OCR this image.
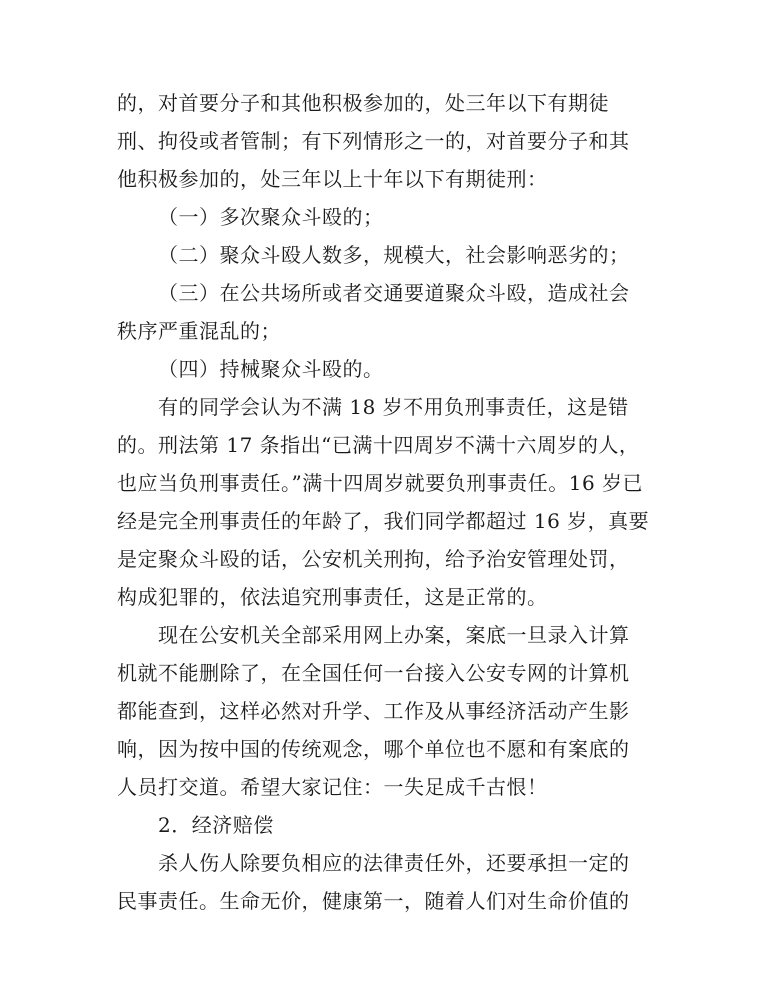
的，对首要分子和其他积极参加的，处三年以下有期徒
刑、拘役或者管制；有下列情形之一的，对首要分子和其
他积极参加的，处三年以上十年以下有期徒刑：
（一）多次聚众斗殴的；
（二）聚众斗殴人数多，规模大，社会影响恶劣的；
（三）在公共场所或者交通要道聚众斗殴，造成社会
秩序严重混乱的；
（四）持械聚众斗殴的。
有的同学会认为不满 18 岁不用负刑事责任，这是错
的。刑法第 17 条指出“已满十四周岁不满十六周岁的人，
也应当负刑事责任。”满十四周岁就要负刑事责任。16 岁已
经是完全刑事责任的年龄了，我们同学都超过 16 岁，真要
是定聚众斗殴的话，公安机关刑拘，给予治安管理处罚，
构成犯罪的，依法追究刑事责任，这是正常的。
现在公安机关全部采用网上办案，案底一旦录入计算
机就不能删除了，在全国任何一台接入公安专网的计算机
都能查到，这样必然对升学、工作及从事经济活动产生影
响，因为按中国的传统观念，哪个单位也不愿和有案底的
人员打交道。希望大家记住：一失足成千古恨！
2．经济赔偿
杀人伤人除要负相应的法律责任外，还要承担一定的
民事责任。生命无价，健康第一，随着人们对生命价值的
